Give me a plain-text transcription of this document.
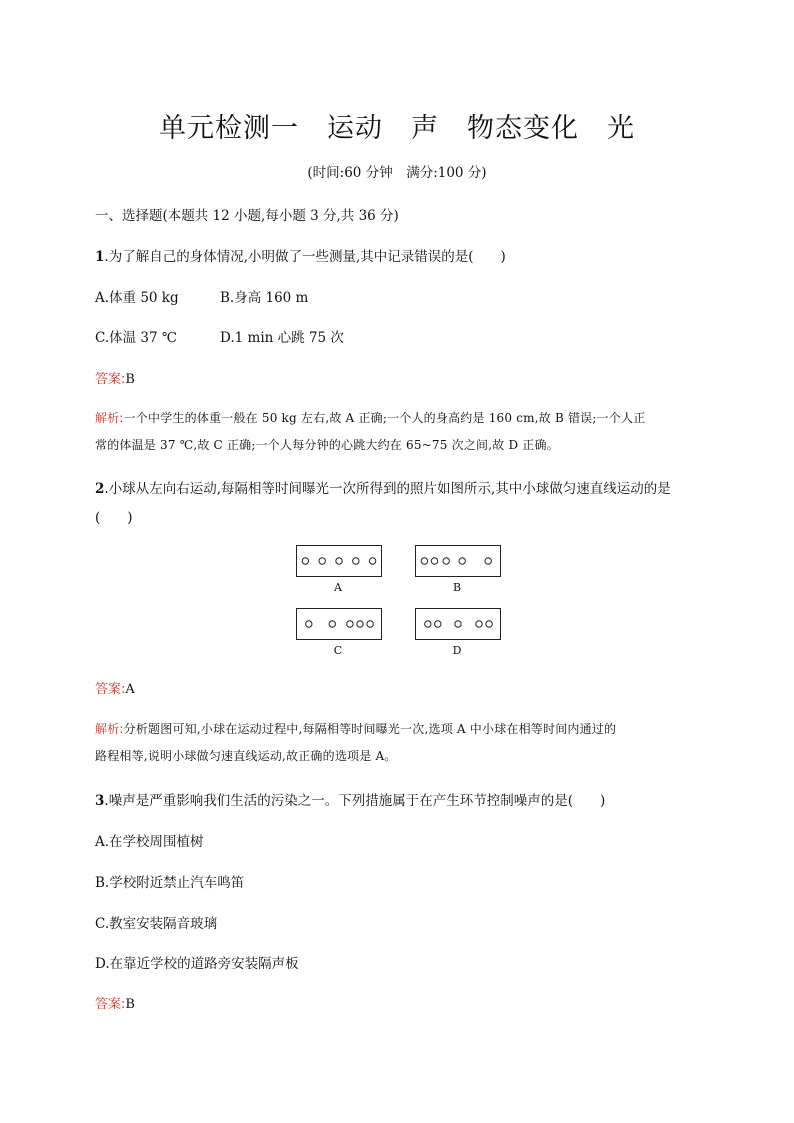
单元检测一　运动　声　物态变化　光
(时间:60 分钟　满分:100 分)
一、选择题(本题共 12 小题,每小题 3 分,共 36 分)
1.为了解自己的身体情况,小明做了一些测量,其中记录错误的是(　　)
A.体重 50 kg	B.身高 160 m
C.体温 37 ℃	D.1 min 心跳 75 次
答案:B
解析:一个中学生的体重一般在 50 kg 左右,故 A 正确;一个人的身高约是 160 cm,故 B 错误;一个人正
常的体温是 37 ℃,故 C 正确;一个人每分钟的心跳大约在 65~75 次之间,故 D 正确。
2.小球从左向右运动,每隔相等时间曝光一次所得到的照片如图所示,其中小球做匀速直线运动的是
(　　)
A	B
C	D
答案:A
解析:分析题图可知,小球在运动过程中,每隔相等时间曝光一次,选项 A 中小球在相等时间内通过的
路程相等,说明小球做匀速直线运动,故正确的选项是 A。
3.噪声是严重影响我们生活的污染之一。下列措施属于在产生环节控制噪声的是(　　)
A.在学校周围植树
B.学校附近禁止汽车鸣笛
C.教室安装隔音玻璃
D.在靠近学校的道路旁安装隔声板
答案:B
